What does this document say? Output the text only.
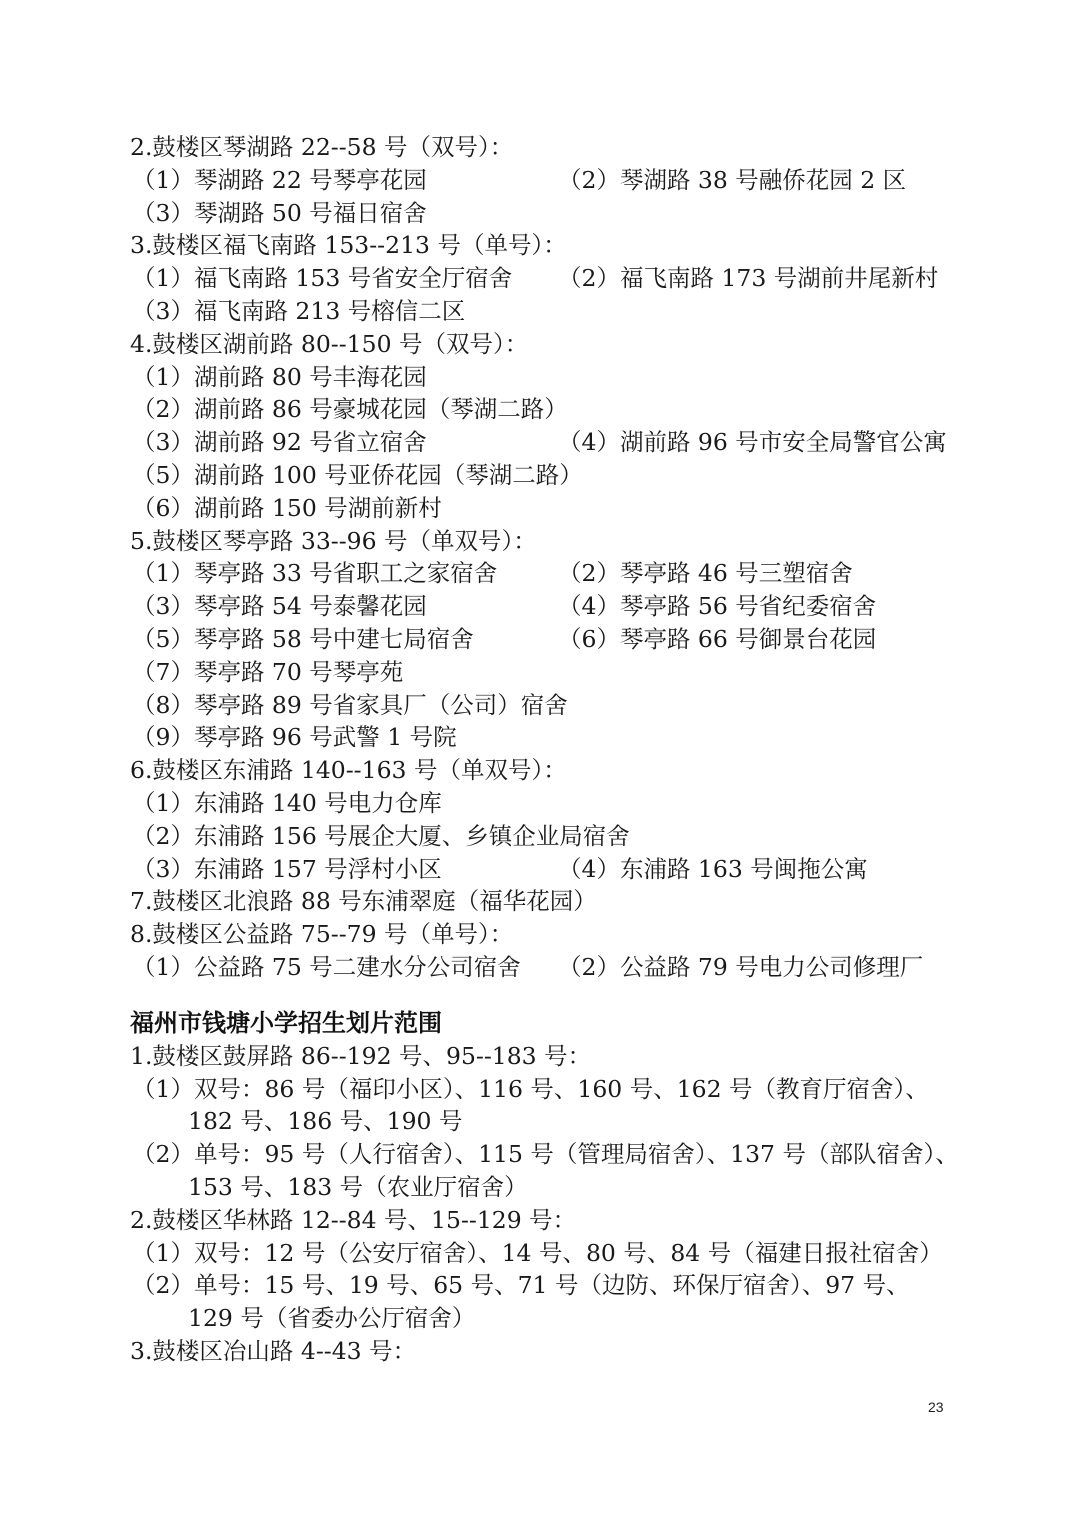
2.鼓楼区琴湖路 22--58 号（双号）：
（1）琴湖路 22 号琴亭花园	（2）琴湖路 38 号融侨花园 2 区
（3）琴湖路 50 号福日宿舍
3.鼓楼区福飞南路 153--213 号（单号）：
（1）福飞南路 153 号省安全厅宿舍 （2）福飞南路 173 号湖前井尾新村
（3）福飞南路 213 号榕信二区
4.鼓楼区湖前路 80--150 号（双号）：
（1）湖前路 80 号丰海花园
（2）湖前路 86 号豪城花园（琴湖二路）
（3）湖前路 92 号省立宿舍	（4）湖前路 96 号市安全局警官公寓
（5）湖前路 100 号亚侨花园（琴湖二路）
（6）湖前路 150 号湖前新村
5.鼓楼区琴亭路 33--96 号（单双号）：
（1）琴亭路 33 号省职工之家宿舍	（2）琴亭路 46 号三塑宿舍
（3）琴亭路 54 号泰馨花园	（4）琴亭路 56 号省纪委宿舍
（5）琴亭路 58 号中建七局宿舍	（6）琴亭路 66 号御景台花园
（7）琴亭路 70 号琴亭苑
（8）琴亭路 89 号省家具厂（公司）宿舍
（9）琴亭路 96 号武警 1 号院
6.鼓楼区东浦路 140--163 号（单双号）：
（1）东浦路 140 号电力仓库
（2）东浦路 156 号展企大厦、乡镇企业局宿舍
（3）东浦路 157 号浮村小区	（4）东浦路 163 号闽拖公寓
7.鼓楼区北浪路 88 号东浦翠庭（福华花园）
8.鼓楼区公益路 75--79 号（单号）：
（1）公益路 75 号二建水分公司宿舍 （2）公益路 79 号电力公司修理厂
福州市钱塘小学招生划片范围
1.鼓楼区鼓屏路 86--192 号、95--183 号：
（1）双号：86 号（福印小区）、116 号、160 号、162 号（教育厅宿舍）、
182 号、186 号、190 号
（2）单号：95 号（人行宿舍）、115 号（管理局宿舍）、137 号（部队宿舍）、
153 号、183 号（农业厅宿舍）
2.鼓楼区华林路 12--84 号、15--129 号：
（1）双号：12 号（公安厅宿舍）、14 号、80 号、84 号（福建日报社宿舍）
（2）单号：15 号、19 号、65 号、71 号（边防、环保厅宿舍）、97 号、
129 号（省委办公厅宿舍）
3.鼓楼区冶山路 4--43 号：
23
